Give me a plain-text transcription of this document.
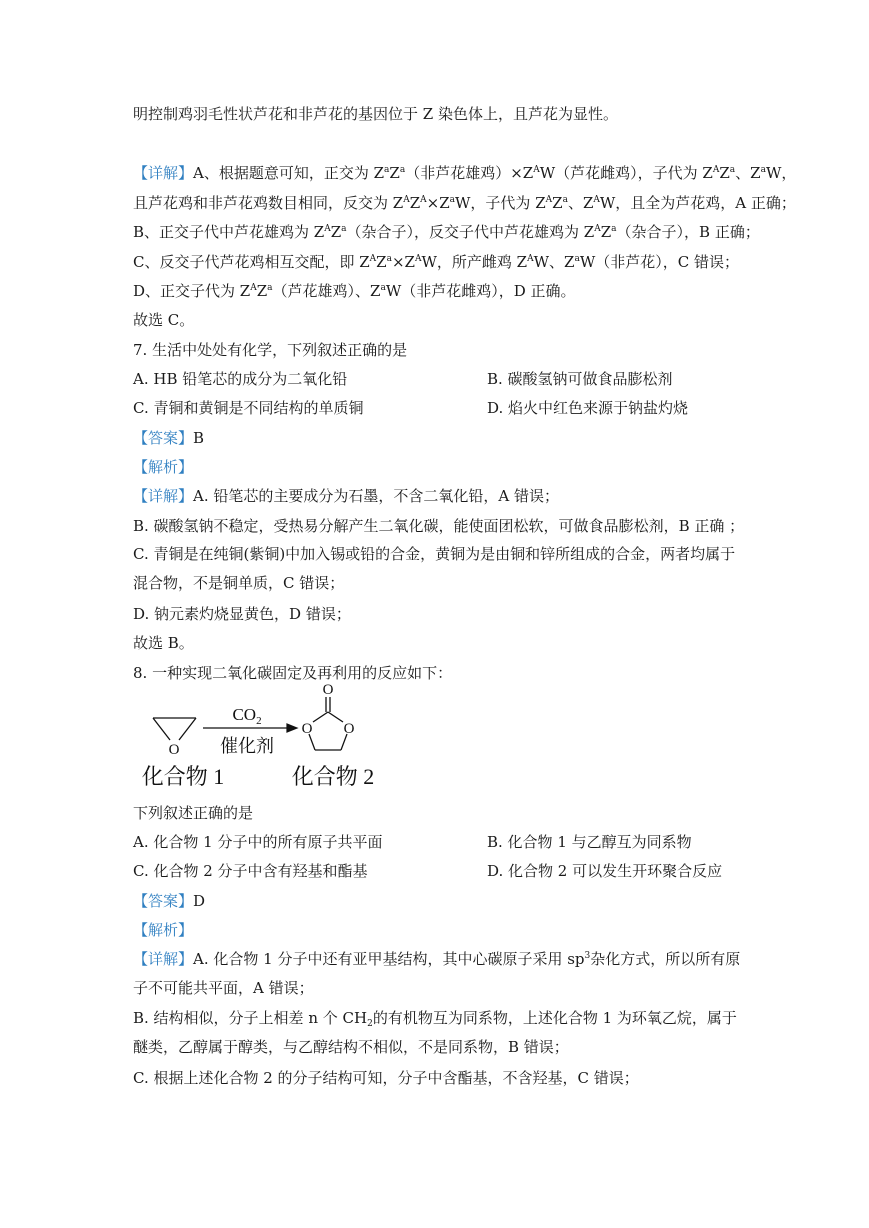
明控制鸡羽毛性状芦花和非芦花的基因位于 Z 染色体上，且芦花为显性。
【详解】A、根据题意可知，正交为 $Z^aZ^a$（非芦花雄鸡）$\times Z^AW$（芦花雌鸡），子代为 $Z^AZ^a$、$Z^aW$，
且芦花鸡和非芦花鸡数目相同，反交为 $Z^AZ^A\times Z^aW$，子代为 $Z^AZ^a$、$Z^AW$，且全为芦花鸡，A 正确；
B、正交子代中芦花雄鸡为 $Z^AZ^a$（杂合子），反交子代中芦花雄鸡为 $Z^AZ^a$（杂合子），B 正确；
C、反交子代芦花鸡相互交配，即 $Z^AZ^a\times Z^AW$，所产雌鸡 $Z^AW$、$Z^aW$（非芦花），C 错误；
D、正交子代为 $Z^AZ^a$（芦花雄鸡）、$Z^aW$（非芦花雌鸡），D 正确。
故选 C。
7. 生活中处处有化学，下列叙述正确的是
A. HB 铅笔芯的成分为二氧化铅	B. 碳酸氢钠可做食品膨松剂
C. 青铜和黄铜是不同结构的单质铜	D. 焰火中红色来源于钠盐灼烧
【答案】B
【解析】
【详解】A. 铅笔芯的主要成分为石墨，不含二氧化铅，A 错误；
B. 碳酸氢钠不稳定，受热易分解产生二氧化碳，能使面团松软，可做食品膨松剂，B 正确 ；
C. 青铜是在纯铜(紫铜)中加入锡或铅的合金，黄铜为是由铜和锌所组成的合金，两者均属于混合物，不是铜单质，C 错误；
D. 钠元素灼烧显黄色，D 错误；
故选 B。
8. 一种实现二氧化碳固定及再利用的反应如下：
O
$CO_2$
催化剂
O
O O
化合物 1	化合物 2
下列叙述正确的是
A. 化合物 1 分子中的所有原子共平面	B. 化合物 1 与乙醇互为同系物
C. 化合物 2 分子中含有羟基和酯基	D. 化合物 2 可以发生开环聚合反应
【答案】D
【解析】
【详解】A. 化合物 1 分子中还有亚甲基结构，其中心碳原子采用 $sp^3$杂化方式，所以所有原子不可能共平面，A 错误；
B. 结构相似，分子上相差 n 个 $CH_2$的有机物互为同系物，上述化合物 1 为环氧乙烷，属于醚类，乙醇属于醇类，与乙醇结构不相似，不是同系物，B 错误；
C. 根据上述化合物 2 的分子结构可知，分子中含酯基，不含羟基，C 错误；
